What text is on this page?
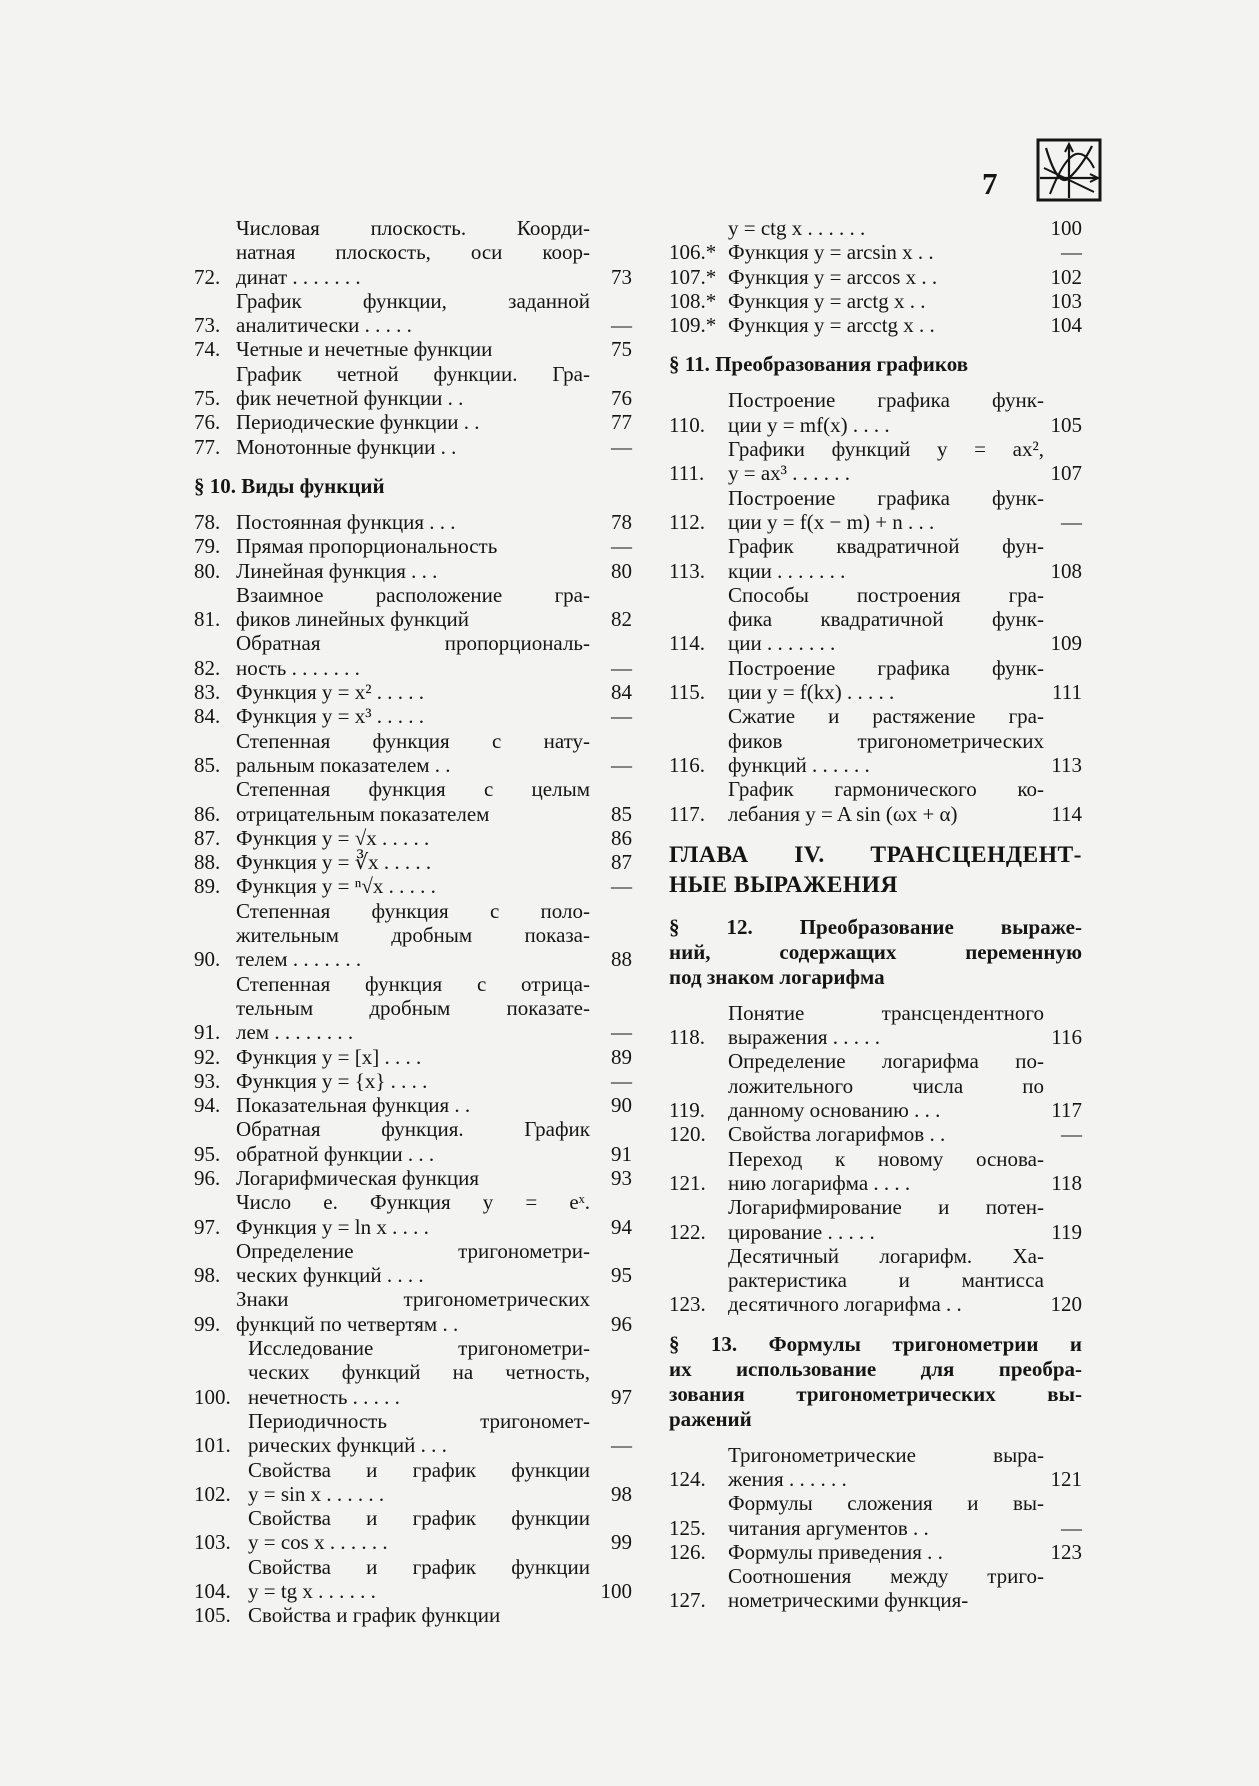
7
72.
Числовая плоскость. Коорди-
натная плоскость, оси коор-
динат . . . . . . .	73
73.
График функции, заданной
аналитически . . . . .	—
74. Четные и нечетные функции	75
75.
График четной функции. Гра-
фик нечетной функции . .	76
76. Периодические функции . .	77
77. Монотонные функции . .	—
§ 10. Виды функций
78. Постоянная функция . . .	78
79. Прямая пропорциональность	—
80. Линейная функция . . .	80
81.
Взаимное расположение гра-
фиков линейных функций	82
82.
Обратная пропорциональ-
ность . . . . . . .	—
83. Функция y = x² . . . . .	84
84. Функция y = x³ . . . . .	—
85.
Степенная функция с нату-
ральным показателем . .	—
86.
Степенная функция с целым
отрицательным показателем	85
87. Функция y = √x . . . . .	86
88. Функция y = ∛x . . . . .	87
89. Функция y = ⁿ√x . . . . .	—
90.
Степенная функция с поло-
жительным дробным показа-
телем . . . . . . .	88
91.
Степенная функция с отрица-
тельным дробным показате-
лем . . . . . . . .	—
92. Функция y = [x] . . . .	89
93. Функция y = {x} . . . .	—
94. Показательная функция . .	90
95.
Обратная функция. График
обратной функции . . .	91
96. Логарифмическая функция	93
97.
Число e. Функция y = eˣ.
Функция y = ln x . . . .	94
98.
Определение тригонометри-
ческих функций . . . .	95
99.
Знаки тригонометрических
функций по четвертям . .	96
100.
Исследование тригонометри-
ческих функций на четность,
нечетность . . . . .	97
101.
Периодичность тригономет-
рических функций . . .	—
102.
Свойства и график функции
y = sin x . . . . . .	98
103.
Свойства и график функции
y = cos x . . . . . .	99
104.
Свойства и график функции
y = tg x . . . . . .	100
105. Свойства и график функции
y = ctg x . . . . . .	100
106.* Функция y = arcsin x . .	—
107.* Функция y = arccos x . .	102
108.* Функция y = arctg x . .	103
109.* Функция y = arcctg x . .	104
§ 11. Преобразования графиков
110.
Построение графика функ-
ции y = mf(x) . . . .	105
111.
Графики функций y = ax²,
y = ax³ . . . . . .	107
112.
Построение графика функ-
ции y = f(x − m) + n . . .	—
113.
График квадратичной фун-
кции . . . . . . .	108
114.
Способы построения гра-
фика квадратичной функ-
ции . . . . . . .	109
115.
Построение графика функ-
ции y = f(kx) . . . . .	111
116.
Сжатие и растяжение гра-
фиков тригонометрических
функций . . . . . .	113
117.
График гармонического ко-
лебания y = A sin (ωx + α)	114
ГЛАВА IV. ТРАНСЦЕНДЕНТ-
НЫЕ ВЫРАЖЕНИЯ
§ 12. Преобразование выраже-
ний, содержащих переменную
под знаком логарифма
118.
Понятие трансцендентного
выражения . . . . .	116
119.
Определение логарифма по-
ложительного числа по
данному основанию . . .	117
120.	Свойства логарифмов . .	—
121.
Переход к новому основа-
нию логарифма . . . .	118
122.
Логарифмирование и потен-
цирование . . . . .	119
123.
Десятичный логарифм. Ха-
рактеристика и мантисса
десятичного логарифма . .	120
§ 13. Формулы тригонометрии и
их использование для преобра-
зования тригонометрических вы-
ражений
124.
Тригонометрические выра-
жения . . . . . .	121
125.
Формулы сложения и вы-
читания аргументов . .	—
126.	Формулы приведения . .	123
127.
Соотношения между триго-
нометрическими функция-
